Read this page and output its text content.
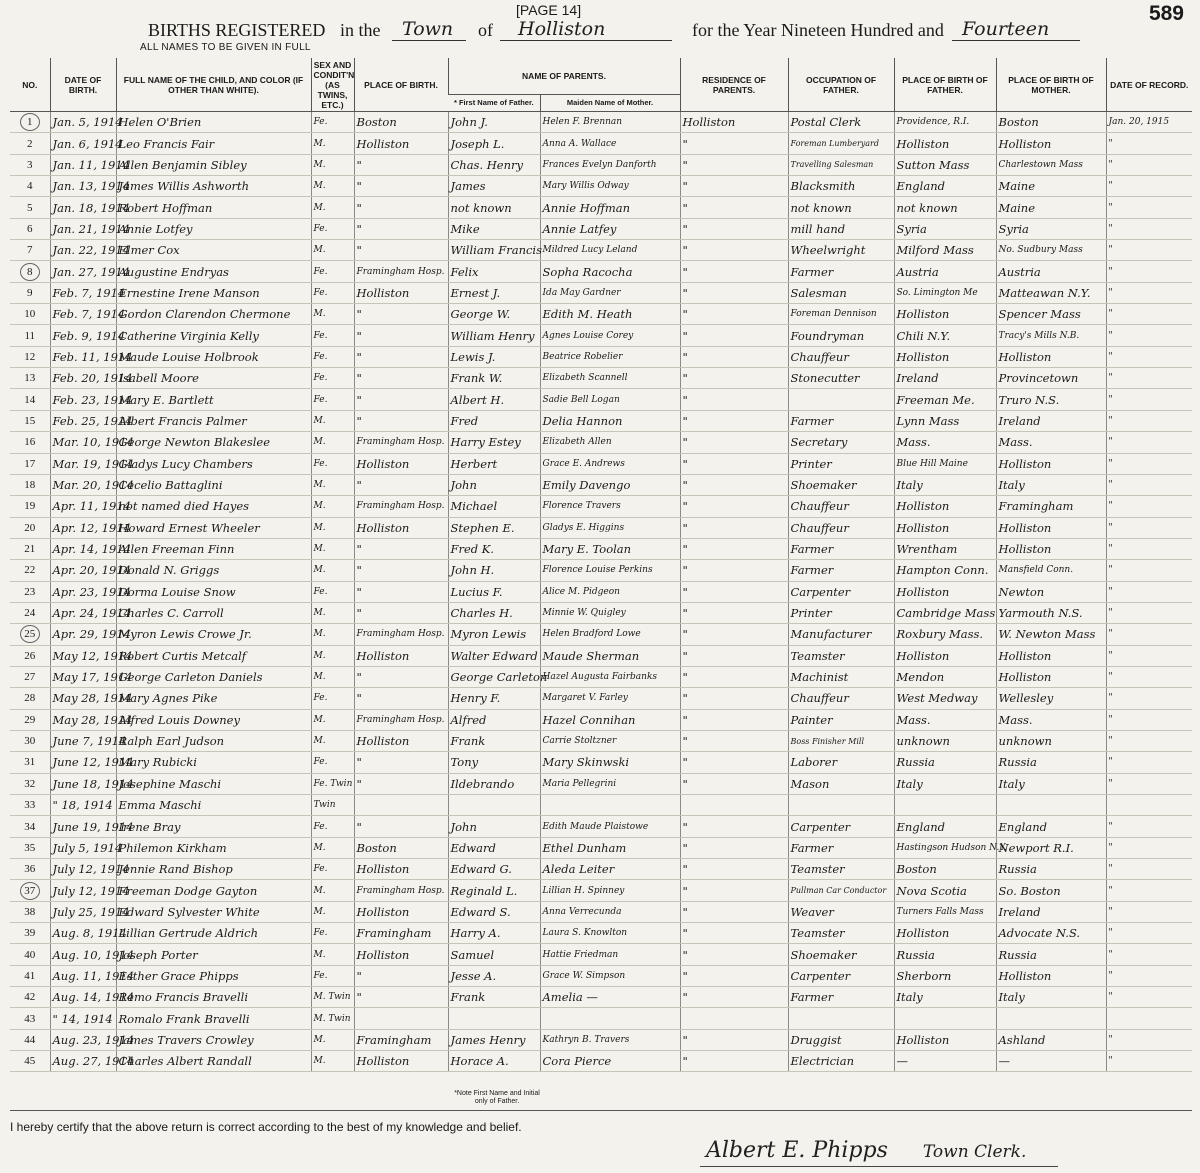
BIRTHS REGISTERED in the Town of Holliston	for the Year Nineteen Hundred and Fourteen
[PAGE 14]	589
ALL NAMES TO BE GIVEN IN FULL
NO.	DATE OF BIRTH.	FULL NAME OF THE CHILD, AND COLOR (IF OTHER THAN WHITE).	SEX AND CONDIT'N (AS TWINS, ETC.)	PLACE OF BIRTH.	NAME OF PARENTS.		RESIDENCE OF PARENTS.	OCCUPATION OF FATHER.	PLACE OF BIRTH OF FATHER.	PLACE OF BIRTH OF MOTHER.	DATE OF RECORD.
					* First Name of Father.	Maiden Name of Mother.					
1	Jan. 5, 1914	Helen O'Brien	Fe.	Boston	John J.	Helen F. Brennan	Holliston	Postal Clerk	Providence, R.I.	Boston	Jan. 20, 1915
2	Jan. 6, 1914	Leo Francis Fair	M.	Holliston	Joseph L.	Anna A. Wallace	"	Foreman Lumberyard	Holliston	Holliston	"
3	Jan. 11, 1914	Allen Benjamin Sibley	M.	"	Chas. Henry	Frances Evelyn Danforth	"	Travelling Salesman	Sutton Mass	Charlestown Mass	"
4	Jan. 13, 1914	James Willis Ashworth	M.	"	James	Mary Willis Odway	"	Blacksmith	England	Maine	"
5	Jan. 18, 1914	Robert Hoffman	M.	"	not known	Annie Hoffman	"	not known	not known	Maine	"
6	Jan. 21, 1914	Annie Lotfey	Fe.	"	Mike	Annie Latfey	"	mill hand	Syria	Syria	"
7	Jan. 22, 1914	Elmer Cox	M.	"	William Francis	Mildred Lucy Leland	"	Wheelwright	Milford Mass	No. Sudbury Mass	"
8	Jan. 27, 1914	Augustine Endryas	Fe.	Framingham Hosp.	Felix	Sopha Racocha	"	Farmer	Austria	Austria	"
9	Feb. 7, 1914	Ernestine Irene Manson	Fe.	Holliston	Ernest J.	Ida May Gardner	"	Salesman	So. Limington Me	Matteawan N.Y.	"
10	Feb. 7, 1914	Gordon Clarendon Chermone	M.	"	George W.	Edith M. Heath	"	Foreman Dennison	Holliston	Spencer Mass	"
11	Feb. 9, 1914	Catherine Virginia Kelly	Fe.	"	William Henry	Agnes Louise Corey	"	Foundryman	Chili N.Y.	Tracy's Mills N.B.	"
12	Feb. 11, 1914	Maude Louise Holbrook	Fe.	"	Lewis J.	Beatrice Robelier	"	Chauffeur	Holliston	Holliston	"
13	Feb. 20, 1914	Isabell Moore	Fe.	"	Frank W.	Elizabeth Scannell	"	Stonecutter	Ireland	Provincetown	"
14	Feb. 23, 1914	Mary E. Bartlett	Fe.	"	Albert H.	Sadie Bell Logan	"		Freeman Me.	Truro N.S.	"
15	Feb. 25, 1914	Albert Francis Palmer	M.	"	Fred	Delia Hannon	"	Farmer	Lynn Mass	Ireland	"
16	Mar. 10, 1914	George Newton Blakeslee	M.	Framingham Hosp.	Harry Estey	Elizabeth Allen	"	Secretary	Mass.	Mass.	"
17	Mar. 19, 1914	Gladys Lucy Chambers	Fe.	Holliston	Herbert	Grace E. Andrews	"	Printer	Blue Hill Maine	Holliston	"
18	Mar. 20, 1914	Cecelio Battaglini	M.	"	John	Emily Davengo	"	Shoemaker	Italy	Italy	"
19	Apr. 11, 1914	not named died Hayes	M.	Framingham Hosp.	Michael	Florence Travers	"	Chauffeur	Holliston	Framingham	"
20	Apr. 12, 1914	Howard Ernest Wheeler	M.	Holliston	Stephen E.	Gladys E. Higgins	"	Chauffeur	Holliston	Holliston	"
21	Apr. 14, 1914	Allen Freeman Finn	M.	"	Fred K.	Mary E. Toolan	"	Farmer	Wrentham	Holliston	"
22	Apr. 20, 1914	Donald N. Griggs	M.	"	John H.	Florence Louise Perkins	"	Farmer	Hampton Conn.	Mansfield Conn.	"
23	Apr. 23, 1914	Dorma Louise Snow	Fe.	"	Lucius F.	Alice M. Pidgeon	"	Carpenter	Holliston	Newton	"
24	Apr. 24, 1914	Charles C. Carroll	M.	"	Charles H.	Minnie W. Quigley	"	Printer	Cambridge Mass	Yarmouth N.S.	"
25	Apr. 29, 1914	Myron Lewis Crowe Jr.	M.	Framingham Hosp.	Myron Lewis	Helen Bradford Lowe	"	Manufacturer	Roxbury Mass.	W. Newton Mass	"
26	May 12, 1914	Robert Curtis Metcalf	M.	Holliston	Walter Edward	Maude Sherman	"	Teamster	Holliston	Holliston	"
27	May 17, 1914	George Carleton Daniels	M.	"	George Carleton	Hazel Augusta Fairbanks	"	Machinist	Mendon	Holliston	"
28	May 28, 1914	Mary Agnes Pike	Fe.	"	Henry F.	Margaret V. Farley	"	Chauffeur	West Medway	Wellesley	"
29	May 28, 1914	Alfred Louis Downey	M.	Framingham Hosp.	Alfred	Hazel Connihan	"	Painter	Mass.	Mass.	"
30	June 7, 1914	Ralph Earl Judson	M.	Holliston	Frank	Carrie Stoltzner	"	Boss Finisher Mill	unknown	unknown	"
31	June 12, 1914	Mary Rubicki	Fe.	"	Tony	Mary Skinwski	"	Laborer	Russia	Russia	"
32	June 18, 1914	Josephine Maschi	Fe. Twin	"	Ildebrando	Maria Pellegrini	"	Mason	Italy	Italy	"
33	" 18, 1914	Emma Maschi	Twin								
34	June 19, 1914	Irene Bray	Fe.	"	John	Edith Maude Plaistowe	"	Carpenter	England	England	"
35	July 5, 1914	Philemon Kirkham	M.	Boston	Edward	Ethel Dunham	"	Farmer	Hastingson Hudson N.Y.	Newport R.I.	"
36	July 12, 1914	Jennie Rand Bishop	Fe.	Holliston	Edward G.	Aleda Leiter	"	Teamster	Boston	Russia	"
37	July 12, 1914	Freeman Dodge Gayton	M.	Framingham Hosp.	Reginald L.	Lillian H. Spinney	"	Pullman Car Conductor	Nova Scotia	So. Boston	"
38	July 25, 1914	Edward Sylvester White	M.	Holliston	Edward S.	Anna Verrecunda	"	Weaver	Turners Falls Mass	Ireland	"
39	Aug. 8, 1914	Lillian Gertrude Aldrich	Fe.	Framingham	Harry A.	Laura S. Knowlton	"	Teamster	Holliston	Advocate N.S.	"
40	Aug. 10, 1914	Joseph Porter	M.	Holliston	Samuel	Hattie Friedman	"	Shoemaker	Russia	Russia	"
41	Aug. 11, 1914	Esther Grace Phipps	Fe.	"	Jesse A.	Grace W. Simpson	"	Carpenter	Sherborn	Holliston	"
42	Aug. 14, 1914	Remo Francis Bravelli	M. Twin	"	Frank	Amelia —	"	Farmer	Italy	Italy	"
43	" 14, 1914	Romalo Frank Bravelli	M. Twin								
44	Aug. 23, 1914	James Travers Crowley	M.	Framingham	James Henry	Kathryn B. Travers	"	Druggist	Holliston	Ashland	"
45	Aug. 27, 1914	Charles Albert Randall	M.	Holliston	Horace A.	Cora Pierce	"	Electrician	—	—	"
*Note First Name and Initial only of Father.
I hereby certify that the above return is correct according to the best of my knowledge and belief.
Albert E. Phipps Town Clerk.
